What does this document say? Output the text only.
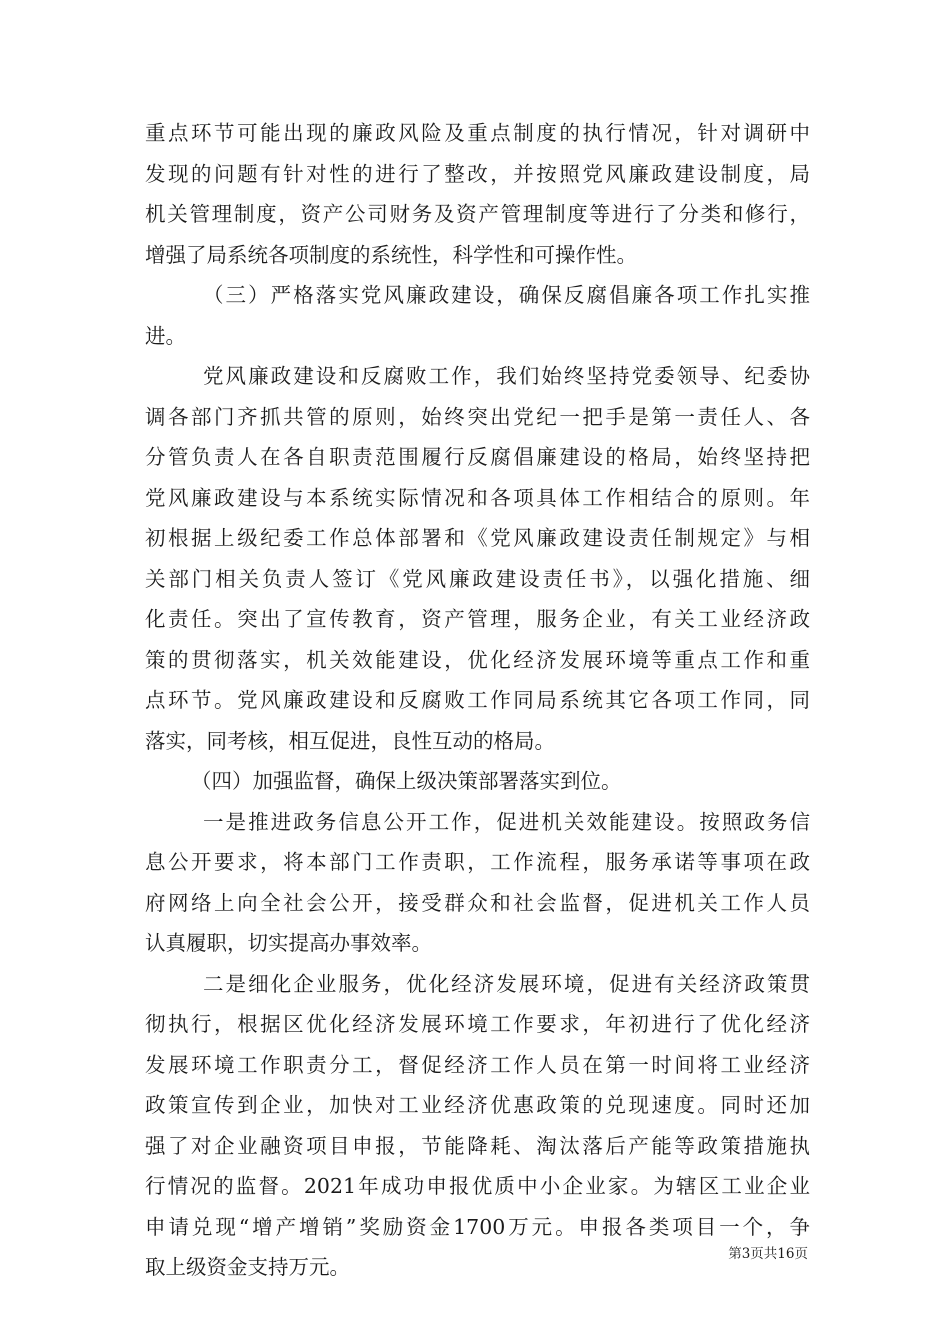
重点环节可能出现的廉政风险及重点制度的执行情况，针对调研中
发现的问题有针对性的进行了整改，并按照党风廉政建设制度，局
机关管理制度，资产公司财务及资产管理制度等进行了分类和修行，
增强了局系统各项制度的系统性，科学性和可操作性。
（三）严格落实党风廉政建设，确保反腐倡廉各项工作扎实推
进。
党风廉政建设和反腐败工作，我们始终坚持党委领导、纪委协
调各部门齐抓共管的原则，始终突出党纪一把手是第一责任人、各
分管负责人在各自职责范围履行反腐倡廉建设的格局，始终坚持把
党风廉政建设与本系统实际情况和各项具体工作相结合的原则。年
初根据上级纪委工作总体部署和《党风廉政建设责任制规定》与相
关部门相关负责人签订《党风廉政建设责任书》，以强化措施、细
化责任。突出了宣传教育，资产管理，服务企业，有关工业经济政
策的贯彻落实，机关效能建设，优化经济发展环境等重点工作和重
点环节。党风廉政建设和反腐败工作同局系统其它各项工作同，同
落实，同考核，相互促进，良性互动的格局。
（四）加强监督，确保上级决策部署落实到位。
一是推进政务信息公开工作，促进机关效能建设。按照政务信
息公开要求，将本部门工作责职，工作流程，服务承诺等事项在政
府网络上向全社会公开，接受群众和社会监督，促进机关工作人员
认真履职，切实提高办事效率。
二是细化企业服务，优化经济发展环境，促进有关经济政策贯
彻执行，根据区优化经济发展环境工作要求，年初进行了优化经济
发展环境工作职责分工，督促经济工作人员在第一时间将工业经济
政策宣传到企业，加快对工业经济优惠政策的兑现速度。同时还加
强了对企业融资项目申报，节能降耗、淘汰落后产能等政策措施执
行情况的监督。2021年成功申报优质中小企业家。为辖区工业企业
申请兑现“增产增销”奖励资金1700万元。申报各类项目一个，争
取上级资金支持万元。
第3页共16页
